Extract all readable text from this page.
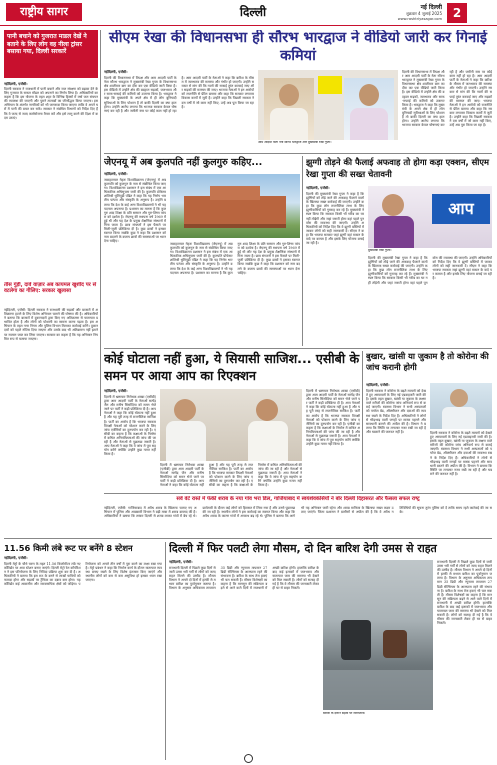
राष्ट्रीय सागर	दिल्ली	नई दिल्ली
शुक्रवार 4 जुलाई 2025
www.rashtriyasagar.com 2
पानी बचाने को गुजरात माडल देखें ने बताने के लिए लोग वह नीला ट्रांसर बसाया गया, दिल्ली सरकारें
नईदिल्ली, एजेंसी:
दिल्ली सरकार ने राजधानी में पानी बचाने और जल संरक्षण को बढ़ावा देने के लिए गुजरात के सफल मॉडल को अपनाने का निर्णय लिया है। अधिकारियों का कहना है कि इस योजना के तहत शहर के विभिन्न हिस्सों में वर्षा जल संचयन की व्यवस्था की जाएगी और पुराने तालाबों का जीर्णोद्धार किया जाएगा। इस अभियान के अंतर्गत नागरिकों को भी जागरूक किया जाएगा ताकि वे अपने घरों में पानी की बचत कर सकें। सरकार ने संबंधित विभागों को निर्देश दिए हैं कि वे जल्द से जल्द कार्ययोजना तैयार करें और इसे लागू करने की दिशा में कदम उठाएं।
तीस गुंड़ी, दावे वाज़ार अब कायमल खुशीद पर से वटलेगा का गीलिए: सरकार खुलासा
नईदिल्ली, एजेंसी: दिल्ली सरकार ने राजधानी की सड़कों और बाजारों में अतिक्रमण हटाने के लिए विशेष अभियान चलाने की घोषणा की है। अधिकारियों ने बताया कि बाजारों में दुकानदारों द्वारा किए गए अतिक्रमण से यातायात प्रभावित होता है और लोगों को परेशानी का सामना करना पड़ता है। इस अभियान के तहत नगर निगम और पुलिस विभाग मिलकर कार्रवाई करेंगे। दुकानदारों को पहले नोटिस दिया जाएगा और उसके बाद भी अतिक्रमण नहीं हटाने पर सामान जब्त कर लिया जाएगा। सरकार का कहना है कि यह अभियान नियमित रूप से चलाया जाएगा।
सीएम रेखा की विधानसभा ही सौरभ भारद्वाज ने वीडियो जारी कर गिनाई कमियां
नईदिल्ली, एजेंसी:
दिल्ली की विधानसभा में विपक्ष और आम आदमी पार्टी के नेता सौरभ भारद्वाज ने मुख्यमंत्री रेखा गुप्ता के विधानसभा क्षेत्र शालीमार बाग का दौरा कर एक वीडियो जारी किया है। इस वीडियो में उन्होंने क्षेत्र की बदहाल सड़कों, जलभराव और साफ-सफाई की कमियों को उजागर किया है। भारद्वाज ने कहा कि मुख्यमंत्री के अपने क्षेत्र में ही लोग बुनियादी सुविधाओं के लिए परेशान हैं तो बाकी दिल्ली का क्या हाल होगा। उन्होंने आरोप लगाया कि भाजपा सरकार केवल घोषणाएं कर रही है और जमीनी स्तर पर कोई काम नहीं हो रहा है। आम आदमी पार्टी के नेताओं ने कहा कि बारिश के मौसम में जलभराव की समस्या और गंभीर हो जाएगी। उन्होंने सरकार से मांग की कि नालों की सफाई तुरंत करवाई जाए और सड़कों की मरम्मत की जाए। भाजपा नेताओं ने इन आरोपों को राजनीति से प्रेरित बताया और कहा कि सरकार लगातार विकास कार्यों में जुटी है। उन्होंने कहा कि पिछली सरकार ने दस वर्षों में जो काम नहीं किए, उन्हें अब पूरा किया जा रहा है।
आम आदमी पार्टी नेता सौरभ भारद्वाज और मुख्यमंत्री रेखा गुप्ता।
दिल्ली की विधानसभा में विपक्ष और आम आदमी पार्टी के नेता सौरभ भारद्वाज ने मुख्यमंत्री रेखा गुप्ता के विधानसभा क्षेत्र शालीमार बाग का दौरा कर एक वीडियो जारी किया है। इस वीडियो में उन्होंने क्षेत्र की बदहाल सड़कों, जलभराव और साफ-सफाई की कमियों को उजागर किया है। भारद्वाज ने कहा कि मुख्यमंत्री के अपने क्षेत्र में ही लोग बुनियादी सुविधाओं के लिए परेशान हैं तो बाकी दिल्ली का क्या हाल होगा। उन्होंने आरोप लगाया कि भाजपा सरकार केवल घोषणाएं कर रही है और जमीनी स्तर पर कोई काम नहीं हो रहा है। आम आदमी पार्टी के नेताओं ने कहा कि बारिश के मौसम में जलभराव की समस्या और गंभीर हो जाएगी। उन्होंने सरकार से मांग की कि नालों की सफाई तुरंत करवाई जाए और सड़कों की मरम्मत की जाए। भाजपा नेताओं ने इन आरोपों को राजनीति से प्रेरित बताया और कहा कि सरकार लगातार विकास कार्यों में जुटी है। उन्होंने कहा कि पिछली सरकार ने दस वर्षों में जो काम नहीं किए, उन्हें अब पूरा किया जा रहा है।
जेएनयू में अब कुलपति नहीं कुलगुरु कहिए...
नईदिल्ली, एजेंसी:
जवाहरलाल नेहरू विश्वविद्यालय (जेएनयू) में अब कुलपति को कुलगुरु के नाम से संबोधित किया जाएगा। विश्वविद्यालय प्रशासन ने इस संबंध में एक आधिकारिक अधिसूचना जारी की है। कुलपति प्रोफेसर शांतिश्री धुलिपुड़ी पंडित ने कहा कि यह निर्णय भारतीय परंपरा और संस्कृति के अनुरूप है। उन्होंने बताया कि देश के कई अन्य विश्वविद्यालयों ने भी यह पदनाम अपनाया है। प्रशासन का मानना है कि कुलगुरु शब्द शिक्षा के प्रति सम्मान और गुरु-शिष्य परंपरा को दर्शाता है। जेएनयू की स्थापना वर्ष 1969 में हुई थी और यह देश के प्रमुख शैक्षणिक संस्थानों में गिना जाता है। छात्र संगठनों ने इस फैसले पर मिली-जुली प्रतिक्रिया दी है। कुछ छात्रों ने इसका स्वागत किया जबकि कुछ ने कहा कि प्रशासन को नाम बदलने के बजाय छात्रों की समस्याओं पर ध्यान देना चाहिए।
जवाहरलाल नेहरू विश्वविद्यालय (जेएनयू) में अब कुलपति को कुलगुरु के नाम से संबोधित किया जाएगा। विश्वविद्यालय प्रशासन ने इस संबंध में एक आधिकारिक अधिसूचना जारी की है। कुलपति प्रोफेसर शांतिश्री धुलिपुड़ी पंडित ने कहा कि यह निर्णय भारतीय परंपरा और संस्कृति के अनुरूप है। उन्होंने बताया कि देश के कई अन्य विश्वविद्यालयों ने भी यह पदनाम अपनाया है। प्रशासन का मानना है कि कुलगुरु शब्द शिक्षा के प्रति सम्मान और गुरु-शिष्य परंपरा को दर्शाता है। जेएनयू की स्थापना वर्ष 1969 में हुई थी और यह देश के प्रमुख शैक्षणिक संस्थानों में गिना जाता है। छात्र संगठनों ने इस फैसले पर मिली-जुली प्रतिक्रिया दी है। कुछ छात्रों ने इसका स्वागत किया जबकि कुछ ने कहा कि प्रशासन को नाम बदलने के बजाय छात्रों की समस्याओं पर ध्यान देना चाहिए।
झुग्गी तोड़ने की फैलाई अफवाह तो होगा कड़ा एक्शन, सीएम रेखा गुप्ता की सख्त चेतावनी
नईदिल्ली, एजेंसी:
दिल्ली की मुख्यमंत्री रेखा गुप्ता ने कहा है कि झुग्गियों को तोड़े जाने की अफवाह फैलाने वालों के खिलाफ सख्त कार्रवाई की जाएगी। उन्होंने कहा कि कुछ लोग राजनीतिक लाभ के लिए झुग्गीवासियों को गुमराह कर रहे हैं। मुख्यमंत्री ने स्पष्ट किया कि सरकार किसी भी गरीब का घर नहीं तोड़ेगी और जहां जरूरी होगा वहां पहले पुनर्वास की व्यवस्था की जाएगी। उन्होंने अधिकारियों को निर्देश दिए कि वे झुग्गी बस्तियों में जाकर लोगों को सही जानकारी दें। सीएम ने कहा कि भाजपा सरकार जहां झुग्गी वहां मकान के वादे पर कायम है और इसके लिए योजना बनाई जा रही है।
आप
मुख्यमंत्री रेखा गुप्ता।
दिल्ली की मुख्यमंत्री रेखा गुप्ता ने कहा है कि झुग्गियों को तोड़े जाने की अफवाह फैलाने वालों के खिलाफ सख्त कार्रवाई की जाएगी। उन्होंने कहा कि कुछ लोग राजनीतिक लाभ के लिए झुग्गीवासियों को गुमराह कर रहे हैं। मुख्यमंत्री ने स्पष्ट किया कि सरकार किसी भी गरीब का घर नहीं तोड़ेगी और जहां जरूरी होगा वहां पहले पुनर्वास की व्यवस्था की जाएगी। उन्होंने अधिकारियों को निर्देश दिए कि वे झुग्गी बस्तियों में जाकर लोगों को सही जानकारी दें। सीएम ने कहा कि भाजपा सरकार जहां झुग्गी वहां मकान के वादे पर कायम है और इसके लिए योजना बनाई जा रही है।
कोई घोटाला नहीं हुआ, ये सियासी साजिश... एसीबी के समन पर आया आप का रिएक्शन
नईदिल्ली, एजेंसी:
दिल्ली में भ्रष्टाचार निरोधक शाखा (एसीबी) द्वारा आम आदमी पार्टी के नेताओं सत्येंद्र जैन और मनीष सिसोदिया को समन भेजे जाने पर पार्टी ने कड़ी प्रतिक्रिया दी है। आप नेताओं ने कहा कि कोई घोटाला नहीं हुआ है और यह पूरी तरह से राजनीतिक साजिश है। पार्टी का आरोप है कि भाजपा सरकार विपक्षी नेताओं को परेशान करने के लिए जांच एजेंसियों का दुरुपयोग कर रही है। एसीबी का कहना है कि कक्षाओं के निर्माण में कथित अनियमितताओं की जांच की जा रही है और नेताओं से पूछताछ जरूरी है। आप नेताओं ने कहा कि वे जांच में पूरा सहयोग करेंगे क्योंकि उन्होंने कुछ गलत नहीं किया है।
दिल्ली में भ्रष्टाचार निरोधक शाखा (एसीबी) द्वारा आम आदमी पार्टी के नेताओं सत्येंद्र जैन और मनीष सिसोदिया को समन भेजे जाने पर पार्टी ने कड़ी प्रतिक्रिया दी है। आप नेताओं ने कहा कि कोई घोटाला नहीं हुआ है और यह पूरी तरह से राजनीतिक साजिश है। पार्टी का आरोप है कि भाजपा सरकार विपक्षी नेताओं को परेशान करने के लिए जांच एजेंसियों का दुरुपयोग कर रही है। एसीबी का कहना है कि कक्षाओं के निर्माण में कथित अनियमितताओं की जांच की जा रही है और नेताओं से पूछताछ जरूरी है। आप नेताओं ने कहा कि वे जांच में पूरा सहयोग करेंगे क्योंकि उन्होंने कुछ गलत नहीं किया है।
दिल्ली में भ्रष्टाचार निरोधक शाखा (एसीबी) द्वारा आम आदमी पार्टी के नेताओं सत्येंद्र जैन और मनीष सिसोदिया को समन भेजे जाने पर पार्टी ने कड़ी प्रतिक्रिया दी है। आप नेताओं ने कहा कि कोई घोटाला नहीं हुआ है और यह पूरी तरह से राजनीतिक साजिश है। पार्टी का आरोप है कि भाजपा सरकार विपक्षी नेताओं को परेशान करने के लिए जांच एजेंसियों का दुरुपयोग कर रही है। एसीबी का कहना है कि कक्षाओं के निर्माण में कथित अनियमितताओं की जांच की जा रही है और नेताओं से पूछताछ जरूरी है। आप नेताओं ने कहा कि वे जांच में पूरा सहयोग करेंगे क्योंकि उन्होंने कुछ गलत नहीं किया है।
बुखार, खांसी या जुकाम है तो कोरोना की जांच करानी होगी
नईदिल्ली, एजेंसी:
दिल्ली सरकार ने कोरोना के बढ़ते मामलों को देखते हुए अस्पतालों के लिए नई एडवाइजरी जारी की है। इसके तहत बुखार, खांसी या जुकाम के लक्षण वाले मरीजों की कोरोना जांच अनिवार्य रूप से कराई जाएगी। स्वास्थ्य विभाग ने सभी अस्पतालों को पर्याप्त बेड, ऑक्सीजन और दवाओं की व्यवस्था रखने के निर्देश दिए हैं। अधिकारियों ने लोगों से भीड़भाड़ वाली जगहों पर मास्क पहनने और सावधानी बरतने की अपील की है। विभाग ने बताया कि स्थिति पर लगातार नजर रखी जा रही है और घबराने की जरूरत नहीं है।	दिल्ली सरकार ने कोरोना के बढ़ते मामलों को देखते हुए अस्पतालों के लिए नई एडवाइजरी जारी की है। इसके तहत बुखार, खांसी या जुकाम के लक्षण वाले मरीजों की कोरोना जांच अनिवार्य रूप से कराई जाएगी। स्वास्थ्य विभाग ने सभी अस्पतालों को पर्याप्त बेड, ऑक्सीजन और दवाओं की व्यवस्था रखने के निर्देश दिए हैं। अधिकारियों ने लोगों से भीड़भाड़ वाली जगहों पर मास्क पहनने और सावधानी बरतने की अपील की है। विभाग ने बताया कि स्थिति पर लगातार नजर रखी जा रही है और घबराने की जरूरत नहीं है।
सर्वे वंटे रास्ते में फेंकी शराब के नया गांव भरा डिल, गाजियाबाद में स्वयंशेवकंसियाँ ने बोर दिल्ली दिहासरत और फैसला सफल राष्‍ट्र
नईदिल्ली, एजेंसी: गाजियाबाद में अवैध शराब के खिलाफ चलाए गए अभियान में पुलिस और आबकारी विभाग ने बड़ी मात्रा में शराब बरामद की है। अधिकारियों ने बताया कि तस्कर दिल्ली से शराब लाकर गांवों में बेच रहे थे। छापेमारी के दौरान कई लोगों को हिरासत में लिया गया है और उनसे पूछताछ की जा रही है। स्थानीय लोगों ने इस कार्रवाई का स्वागत किया और कहा कि अवैध शराब के कारण गांवों में अपराध बढ़ रहे थे। पुलिस ने बताया कि आगे भी यह अभियान जारी रहेगा और शराब माफिया के खिलाफ सख्त कदम उठाए जाएंगे। जिला प्रशासन ने ग्रामीणों से अपील की है कि वे अवैध गतिविधियों की सूचना तुरंत पुलिस को दें ताकि समय रहते कार्रवाई की जा सके।
11.56 किमी लंबे रूट पर बनेंगे 8 स्टेशन
नईदिल्ली, एजेंसी:
दिल्ली मेट्रो के चौथे चरण के तहत 11.56 किलोमीटर लंबे नए कॉरिडोर पर आठ स्टेशन बनाए जाएंगे। दिल्ली मेट्रो रेल कॉर्पोरेशन ने इस परियोजना के लिए निविदा प्रक्रिया शुरू कर दी है। अधिकारियों ने बताया कि इस रूट के बनने से लाखों यात्रियों को फायदा होगा और सड़कों पर ट्रैफिक का दबाव कम होगा। यह कॉरिडोर कई आवासीय और व्यावसायिक क्षेत्रों को जोड़ेगा। परियोजना को अगले तीन वर्षों में पूरा करने का लक्ष्य रखा गया है। मेट्रो प्रबंधन ने कहा कि निर्माण कार्य के दौरान यातायात व्यवस्था बनाए रखने के लिए विशेष इंतजाम किए जाएंगे और स्थानीय लोगों को कम से कम असुविधा हो इसका ध्यान रखा जाएगा।
दिल्ली में फिर पलटी लेगा मौसम, दो दिन बारिश देगी उमस से राहत
नईदिल्ली, एजेंसी:
राजधानी दिल्ली में पिछले कुछ दिनों से जारी उमस भरी गर्मी से लोगों को जल्द राहत मिलने की उम्मीद है। मौसम विभाग ने अगले दो दिनों में हल्की से मध्यम बारिश का पूर्वानुमान जताया है। विभाग के अनुसार अधिकतम तापमान 35 डिग्री और न्यूनतम तापमान 27 डिग्री सेल्सियस के आसपास रहने की संभावना है। बारिश के साथ तेज हवाएं भी चल सकती हैं। मौसम विशेषज्ञों का कहना है कि मानसून की सक्रियता बढ़ने से आने वाले दिनों में राजधानी में अच्छी बारिश होगी। हालांकि बारिश के बाद कई इलाकों में जलभराव और यातायात जाम की समस्या भी देखने को मिल सकती है। लोगों को सलाह दी गई है कि वे मौसम की जानकारी लेकर ही घर से बाहर निकलें।
बारिश के दौरान सड़क पर जलभराव।
राजधानी दिल्ली में पिछले कुछ दिनों से जारी उमस भरी गर्मी से लोगों को जल्द राहत मिलने की उम्मीद है। मौसम विभाग ने अगले दो दिनों में हल्की से मध्यम बारिश का पूर्वानुमान जताया है। विभाग के अनुसार अधिकतम तापमान 35 डिग्री और न्यूनतम तापमान 27 डिग्री सेल्सियस के आसपास रहने की संभावना है। बारिश के साथ तेज हवाएं भी चल सकती हैं। मौसम विशेषज्ञों का कहना है कि मानसून की सक्रियता बढ़ने से आने वाले दिनों में राजधानी में अच्छी बारिश होगी। हालांकि बारिश के बाद कई इलाकों में जलभराव और यातायात जाम की समस्या भी देखने को मिल सकती है। लोगों को सलाह दी गई है कि वे मौसम की जानकारी लेकर ही घर से बाहर निकलें।
